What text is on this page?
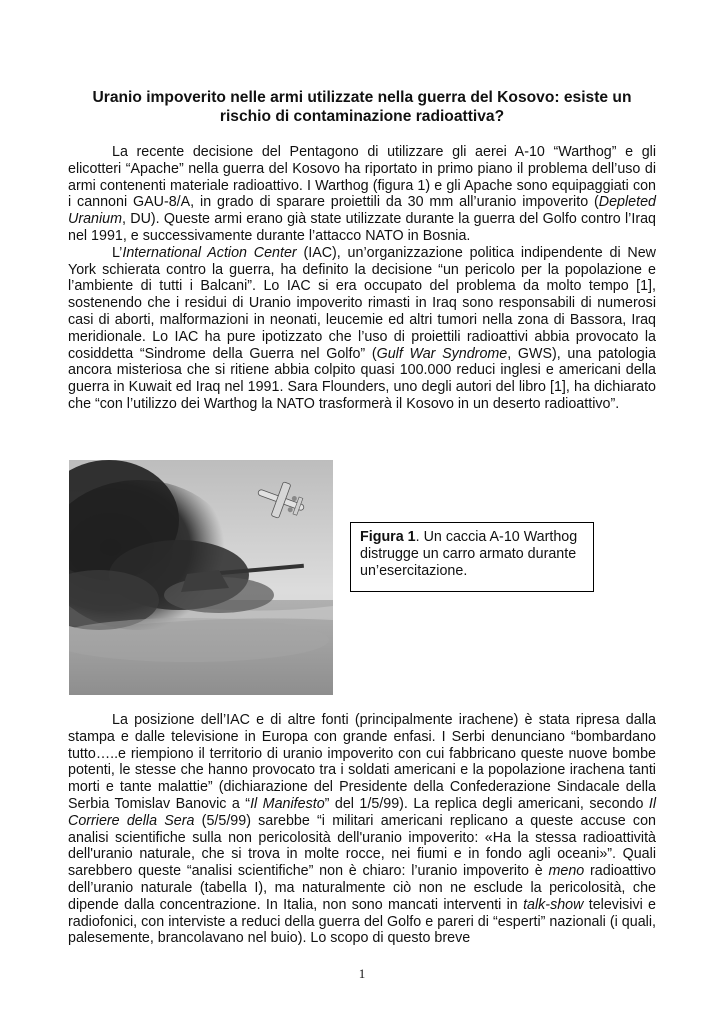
Uranio impoverito nelle armi utilizzate nella guerra del Kosovo: esiste un rischio di contaminazione radioattiva?

La recente decisione del Pentagono di utilizzare gli aerei A-10 “Warthog” e gli elicotteri “Apache” nella guerra del Kosovo ha riportato in primo piano il problema dell’uso di armi contenenti materiale radioattivo. I Warthog (figura 1) e gli Apache sono equipaggiati con i cannoni GAU-8/A, in grado di sparare proiettili da 30 mm all’uranio impoverito (Depleted Uranium, DU). Queste armi erano già state utilizzate durante la guerra del Golfo contro l’Iraq nel 1991, e successivamente durante l’attacco NATO in Bosnia.

L’International Action Center (IAC), un’organizzazione politica indipendente di New York schierata contro la guerra, ha definito la decisione “un pericolo per la popolazione e l’ambiente di tutti i Balcani”. Lo IAC si era occupato del problema da molto tempo [1], sostenendo che i residui di Uranio impoverito rimasti in Iraq sono responsabili di numerosi casi di aborti, malformazioni in neonati, leucemie ed altri tumori nella zona di Bassora, Iraq meridionale. Lo IAC ha pure ipotizzato che l’uso di proiettili radioattivi abbia provocato la cosiddetta “Sindrome della Guerra nel Golfo” (Gulf War Syndrome, GWS), una patologia ancora misteriosa che si ritiene abbia colpito quasi 100.000 reduci inglesi e americani della guerra in Kuwait ed Iraq nel 1991. Sara Flounders, uno degli autori del libro [1], ha dichiarato che “con l’utilizzo dei Warthog la NATO trasformerà il Kosovo in un deserto radioattivo”.

Figura 1. Un caccia A-10 Warthog distrugge un carro armato durante un’esercitazione.

La posizione dell’IAC e di altre fonti (principalmente irachene) è stata ripresa dalla stampa e dalle televisione in Europa con grande enfasi. I Serbi denunciano “bombardano tutto…..e riempiono il territorio di uranio impoverito con cui fabbricano queste nuove bombe potenti, le stesse che hanno provocato tra i soldati americani e la popolazione irachena tanti morti e tante malattie” (dichiarazione del Presidente della Confederazione Sindacale della Serbia Tomislav Banovic a “Il Manifesto” del 1/5/99). La replica degli americani, secondo Il Corriere della Sera (5/5/99) sarebbe “i militari americani replicano a queste accuse con analisi scientifiche sulla non pericolosità dell'uranio impoverito: «Ha la stessa radioattività dell'uranio naturale, che si trova in molte rocce, nei fiumi e in fondo agli oceani»”. Quali sarebbero queste “analisi scientifiche” non è chiaro: l’uranio impoverito è meno radioattivo dell’uranio naturale (tabella I), ma naturalmente ciò non ne esclude la pericolosità, che dipende dalla concentrazione. In Italia, non sono mancati interventi in talk-show televisivi e radiofonici, con interviste a reduci della guerra del Golfo e pareri di “esperti” nazionali (i quali, palesemente, brancolavano nel buio). Lo scopo di questo breve

1
